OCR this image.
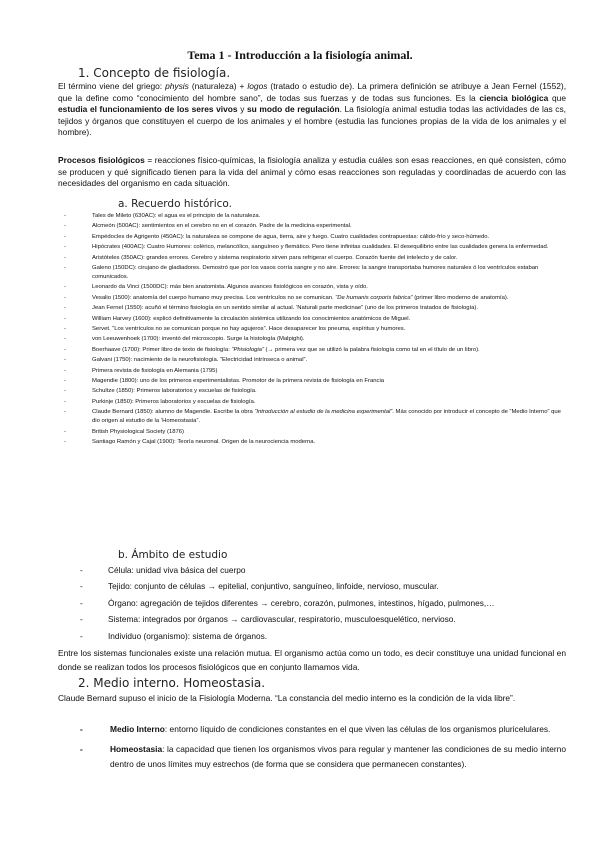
Tema 1 - Introducción a la fisiología animal.
1. Concepto de fisiología.
El término viene del griego: physis (naturaleza) + logos (tratado o estudio de). La primera definición se atribuye a Jean Fernel (1552), que la define como “conocimiento del hombre sano”, de todas sus fuerzas y de todas sus funciones. Es la ciencia biológica que estudia el funcionamiento de los seres vivos y su modo de regulación. La fisiología animal estudia todas las actividades de las cs, tejidos y órganos que constituyen el cuerpo de los animales y el hombre (estudia las funciones propias de la vida de los animales y el hombre).
Procesos fisiológicos = reacciones físico-químicas, la fisiología analiza y estudia cuáles son esas reacciones, en qué consisten, cómo se producen y qué significado tienen para la vida del animal y cómo esas reacciones son reguladas y coordinadas de acuerdo con las necesidades del organismo en cada situación.
a. Recuerdo histórico.
- Tales de Mileto (630AC): el agua es el principio de la naturaleza.
- Alcmeón (500AC): sentimientos en el cerebro no en el corazón. Padre de la medicina experimental.
- Empédocles de Agrigento (450AC): la naturaleza se compone de agua, tierra, aire y fuego. Cuatro cualidades contrapuestas: cálido-frío y seco-húmedo.
- Hipócrates (400AC): Cuatro Humores: colérico, melancólico, sanguíneo y flemático. Pero tiene infinitas cualidades. El desequilibrio entre las cualidades genera la enfermedad.
- Aristóteles (350AC): grandes errores. Cerebro y sistema respiratorio sirven para refrigerar el cuerpo. Corazón fuente del intelecto y de calor.
- Galeno (150DC): cirujano de gladiadores. Demostró que por los vasos corría sangre y no aire. Errores: la sangre transportaba humores naturales ó los ventrículos estaban comunicados.
- Leonardo da Vinci (1500DC): más bien anatomista. Algunos avances fisiológicos en corazón, vista y oído.
- Vesalio (1500): anatomía del cuerpo humano muy precisa. Los ventrículos no se comunican. “De humanis corporis fabrica” (primer libro moderno de anatomía).
- Jean Fernel (1550): acuñó el término fisiología en un sentido similar al actual. ‘Naturali parte medicinae” (uno de los primeros tratados de fisiología).
- William Harvey (1600): explicó definitivamente la circulación sistémica utilizando los conocimientos anatómicos de Miguel.
- Servet. “Los ventrículos no se comunican porque no hay agujeros”. Hace desaparecer los pneuma, espíritus y humores.
- von Leeuwenhoek (1700): inventó del microscopio. Surge la histología (Malpighi).
- Boerhaave (1700): Primer libro de texto de fisiología: “Phisiologia” (→ primera vez que se utilizó la palabra fisiología como tal en el título de un libro).
- Galvani (1750): nacimiento de la neurofisiología. “Electricidad intrínseca o animal”.
- Primera revista de fisiología en Alemania (1795)
- Magendie (1800): uno de los primeros experimentalistas. Promotor de la primera revista de fisiología en Francia
- Schultze (1850): Primeros laboratorios y escuelas de fisiología.
- Purkinje (1850): Primeros laboratorios y escuelas de fisiología.
- Claude Bernard (1850): alumno de Magendie. Escribe la obra “Introducción al estudio de la medicina experimental”. Más conocido por introducir el concepto de “Medio Interno” que dio origen al estudio de la ‘Homeostasia”.
- British Physiological Society (1876)
- Santiago Ramón y Cajal (1900): Teoría neuronal. Origen de la neurociencia moderna.
b. Ámbito de estudio
- Célula: unidad viva básica del cuerpo
- Tejido: conjunto de células → epitelial, conjuntivo, sanguíneo, linfoide, nervioso, muscular.
- Órgano: agregación de tejidos diferentes → cerebro, corazón, pulmones, intestinos, hígado, pulmones,…
- Sistema: integrados por órganos → cardiovascular, respiratorio, musculoesquelético, nervioso.
- Individuo (organismo): sistema de órganos.
Entre los sistemas funcionales existe una relación mutua. El organismo actúa como un todo, es decir constituye una unidad funcional en donde se realizan todos los procesos fisiológicos que en conjunto llamamos vida.
2. Medio interno. Homeostasia.
Claude Bernard supuso el inicio de la Fisiología Moderna. “La constancia del medio interno es la condición de la vida libre”.
- Medio Interno: entorno líquido de condiciones constantes en el que viven las células de los organismos pluricelulares.
- Homeostasia: la capacidad que tienen los organismos vivos para regular y mantener las condiciones de su medio interno dentro de unos límites muy estrechos (de forma que se considera que permanecen constantes).
